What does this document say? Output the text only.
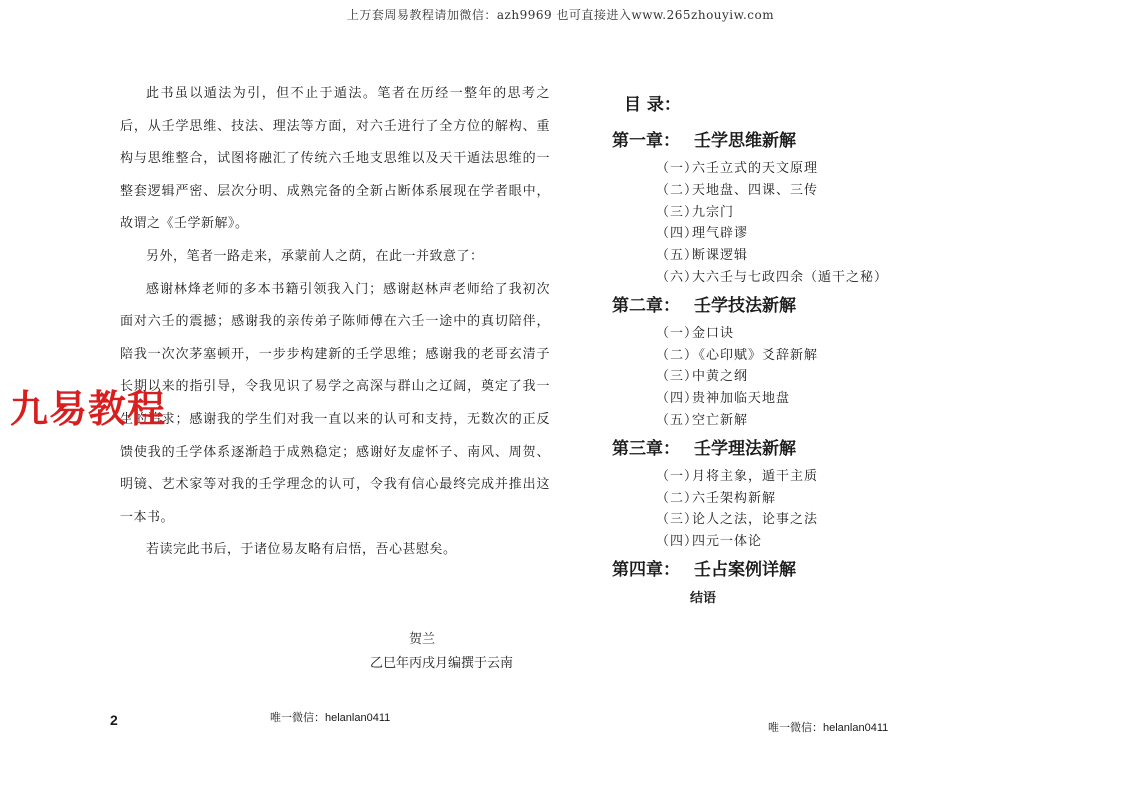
上万套周易教程请加微信：azh9969 也可直接进入www.265zhouyiw.com

此书虽以遁法为引，但不止于遁法。笔者在历经一整年的思考之后，从壬学思维、技法、理法等方面，对六壬进行了全方位的解构、重构与思维整合，试图将融汇了传统六壬地支思维以及天干遁法思维的一整套逻辑严密、层次分明、成熟完备的全新占断体系展现在学者眼中，故谓之《壬学新解》。

另外，笔者一路走来，承蒙前人之荫，在此一并致意了：

感谢林烽老师的多本书籍引领我入门；感谢赵林声老师给了我初次面对六壬的震撼；感谢我的亲传弟子陈师傅在六壬一途中的真切陪伴，陪我一次次茅塞顿开，一步步构建新的壬学思维；感谢我的老哥玄清子长期以来的指引导，令我见识了易学之高深与群山之辽阔，奠定了我一生的追求；感谢我的学生们对我一直以来的认可和支持，无数次的正反馈使我的壬学体系逐渐趋于成熟稳定；感谢好友虚怀子、南风、周贺、明镜、艺术家等对我的壬学理念的认可，令我有信心最终完成并推出这一本书。

若读完此书后，于诸位易友略有启悟，吾心甚慰矣。

贺兰
乙巳年丙戌月编撰于云南
2	唯一微信：helanlan0411
九易教程
目 录：
第一章： 壬学思维新解
（一）六壬立式的天文原理
（二）天地盘、四课、三传
（三）九宗门
（四）理气辟谬
（五）断课逻辑
（六）大六壬与七政四余（遁干之秘）
第二章： 壬学技法新解
（一）金口诀
（二）《心印赋》爻辞新解
（三）中黄之纲
（四）贵神加临天地盘
（五）空亡新解
第三章： 壬学理法新解
（一）月将主象，遁干主质
（二）六壬架构新解
（三）论人之法，论事之法
（四）四元一体论
第四章： 壬占案例详解
结语
唯一微信：helanlan0411
